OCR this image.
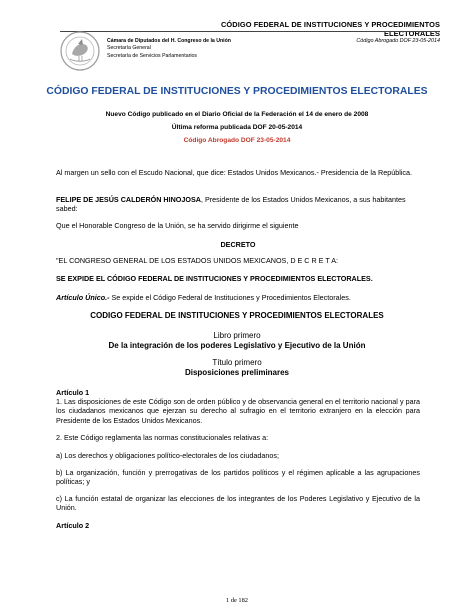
CÓDIGO FEDERAL DE INSTITUCIONES Y PROCEDIMIENTOS ELECTORALES
Cámara de Diputados del H. Congreso de la Unión
Secretaría General
Secretaría de Servicios Parlamentarios
Código Abrogado DOF 23-05-2014
CÓDIGO FEDERAL DE INSTITUCIONES Y PROCEDIMIENTOS ELECTORALES
Nuevo Código publicado en el Diario Oficial de la Federación el 14 de enero de 2008
Última reforma publicada DOF 20-05-2014
Código Abrogado DOF 23-05-2014
Al margen un sello con el Escudo Nacional, que dice: Estados Unidos Mexicanos.- Presidencia de la República.
FELIPE DE JESÚS CALDERÓN HINOJOSA, Presidente de los Estados Unidos Mexicanos, a sus habitantes sabed:
Que el Honorable Congreso de la Unión, se ha servido dirigirme el siguiente
DECRETO
"EL CONGRESO GENERAL DE LOS ESTADOS UNIDOS MEXICANOS, D E C R E T A:
SE EXPIDE EL CÓDIGO FEDERAL DE INSTITUCIONES Y PROCEDIMIENTOS ELECTORALES.
Artículo Único.- Se expide el Código Federal de Instituciones y Procedimientos Electorales.
CODIGO FEDERAL DE INSTITUCIONES Y PROCEDIMIENTOS ELECTORALES
Libro primero
De la integración de los poderes Legislativo y Ejecutivo de la Unión
Título primero
Disposiciones preliminares
Artículo 1
1. Las disposiciones de este Código son de orden público y de observancia general en el territorio nacional y para los ciudadanos mexicanos que ejerzan su derecho al sufragio en el territorio extranjero en la elección para Presidente de los Estados Unidos Mexicanos.
2. Este Código reglamenta las normas constitucionales relativas a:
a) Los derechos y obligaciones político-electorales de los ciudadanos;
b) La organización, función y prerrogativas de los partidos políticos y el régimen aplicable a las agrupaciones políticas; y
c) La función estatal de organizar las elecciones de los integrantes de los Poderes Legislativo y Ejecutivo de la Unión.
Artículo 2
1 de 182
